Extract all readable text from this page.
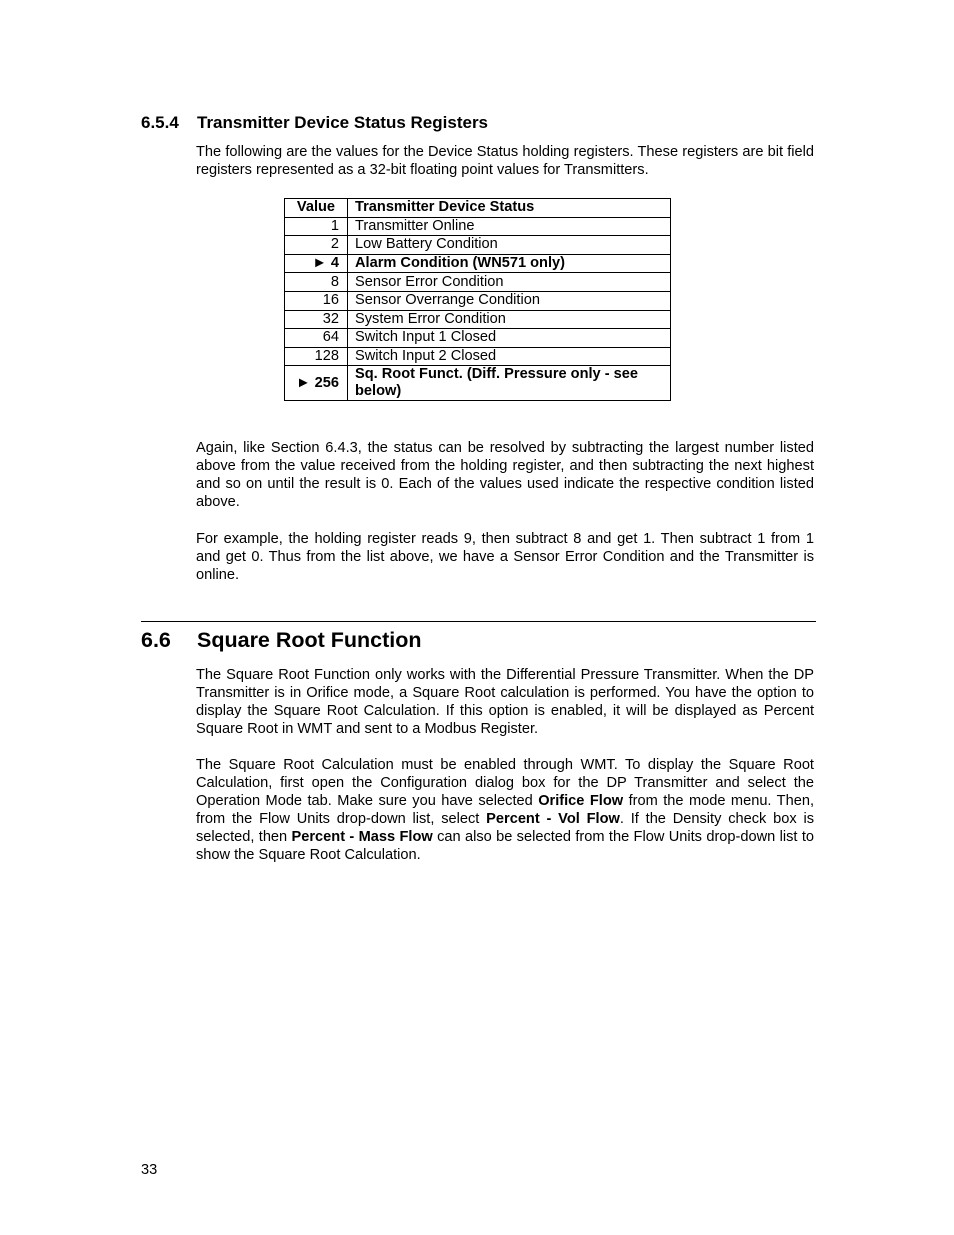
6.5.4 Transmitter Device Status Registers

The following are the values for the Device Status holding registers. These registers are bit field registers represented as a 32-bit floating point values for Transmitters.

Value	Transmitter Device Status
1	Transmitter Online
2	Low Battery Condition
► 4	Alarm Condition (WN571 only)
8	Sensor Error Condition
16	Sensor Overrange Condition
32	System Error Condition
64	Switch Input 1 Closed
128	Switch Input 2 Closed
► 256	Sq. Root Funct. (Diff. Pressure only - see below)

Again, like Section 6.4.3, the status can be resolved by subtracting the largest number listed above from the value received from the holding register, and then subtracting the next highest and so on until the result is 0. Each of the values used indicate the respective condition listed above.

For example, the holding register reads 9, then subtract 8 and get 1. Then subtract 1 from 1 and get 0. Thus from the list above, we have a Sensor Error Condition and the Transmitter is online.

6.6 Square Root Function

The Square Root Function only works with the Differential Pressure Transmitter. When the DP Transmitter is in Orifice mode, a Square Root calculation is performed. You have the option to display the Square Root Calculation. If this option is enabled, it will be displayed as Percent Square Root in WMT and sent to a Modbus Register.

The Square Root Calculation must be enabled through WMT. To display the Square Root Calculation, first open the Configuration dialog box for the DP Transmitter and select the Operation Mode tab. Make sure you have selected Orifice Flow from the mode menu. Then, from the Flow Units drop-down list, select Percent - Vol Flow. If the Density check box is selected, then Percent - Mass Flow can also be selected from the Flow Units drop-down list to show the Square Root Calculation.

33
